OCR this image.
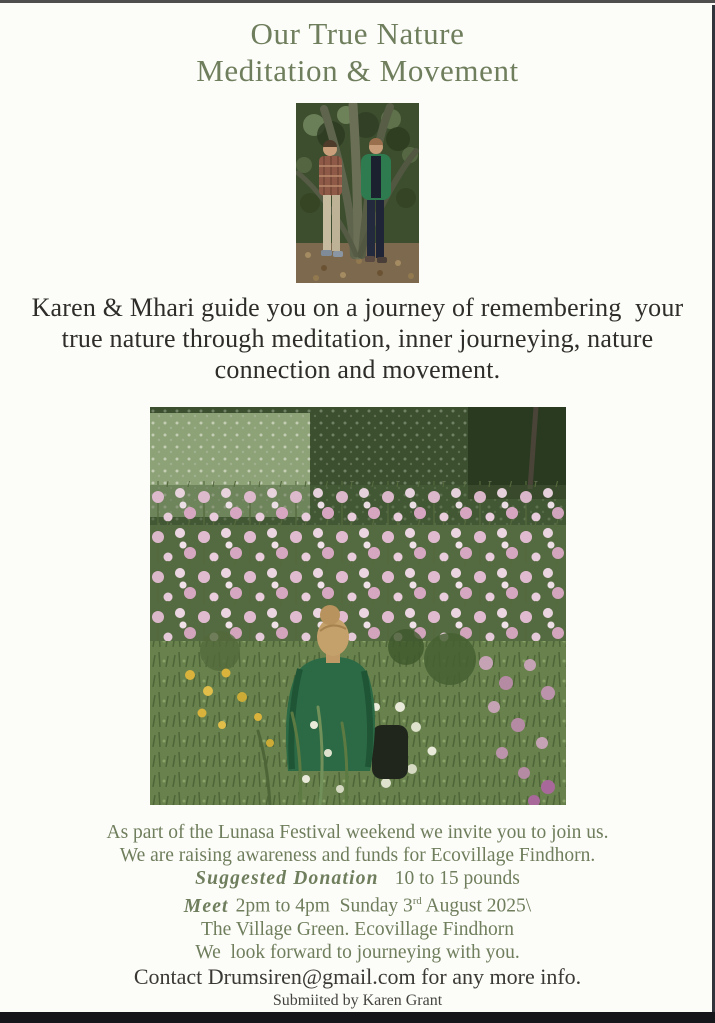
Our True Nature
Meditation & Movement
Karen & Mhari guide you on a journey of remembering  your
true nature through meditation, inner journeying, nature
connection and movement.
As part of the Lunasa Festival weekend we invite you to join us.
We are raising awareness and funds for Ecovillage Findhorn.
Suggested Donation 10 to 15 pounds
Meet 2pm to 4pm  Sunday 3rd August 2025\
The Village Green. Ecovillage Findhorn
We  look forward to journeying with you.
Contact Drumsiren@gmail.com for any more info.
Submiited by Karen Grant
